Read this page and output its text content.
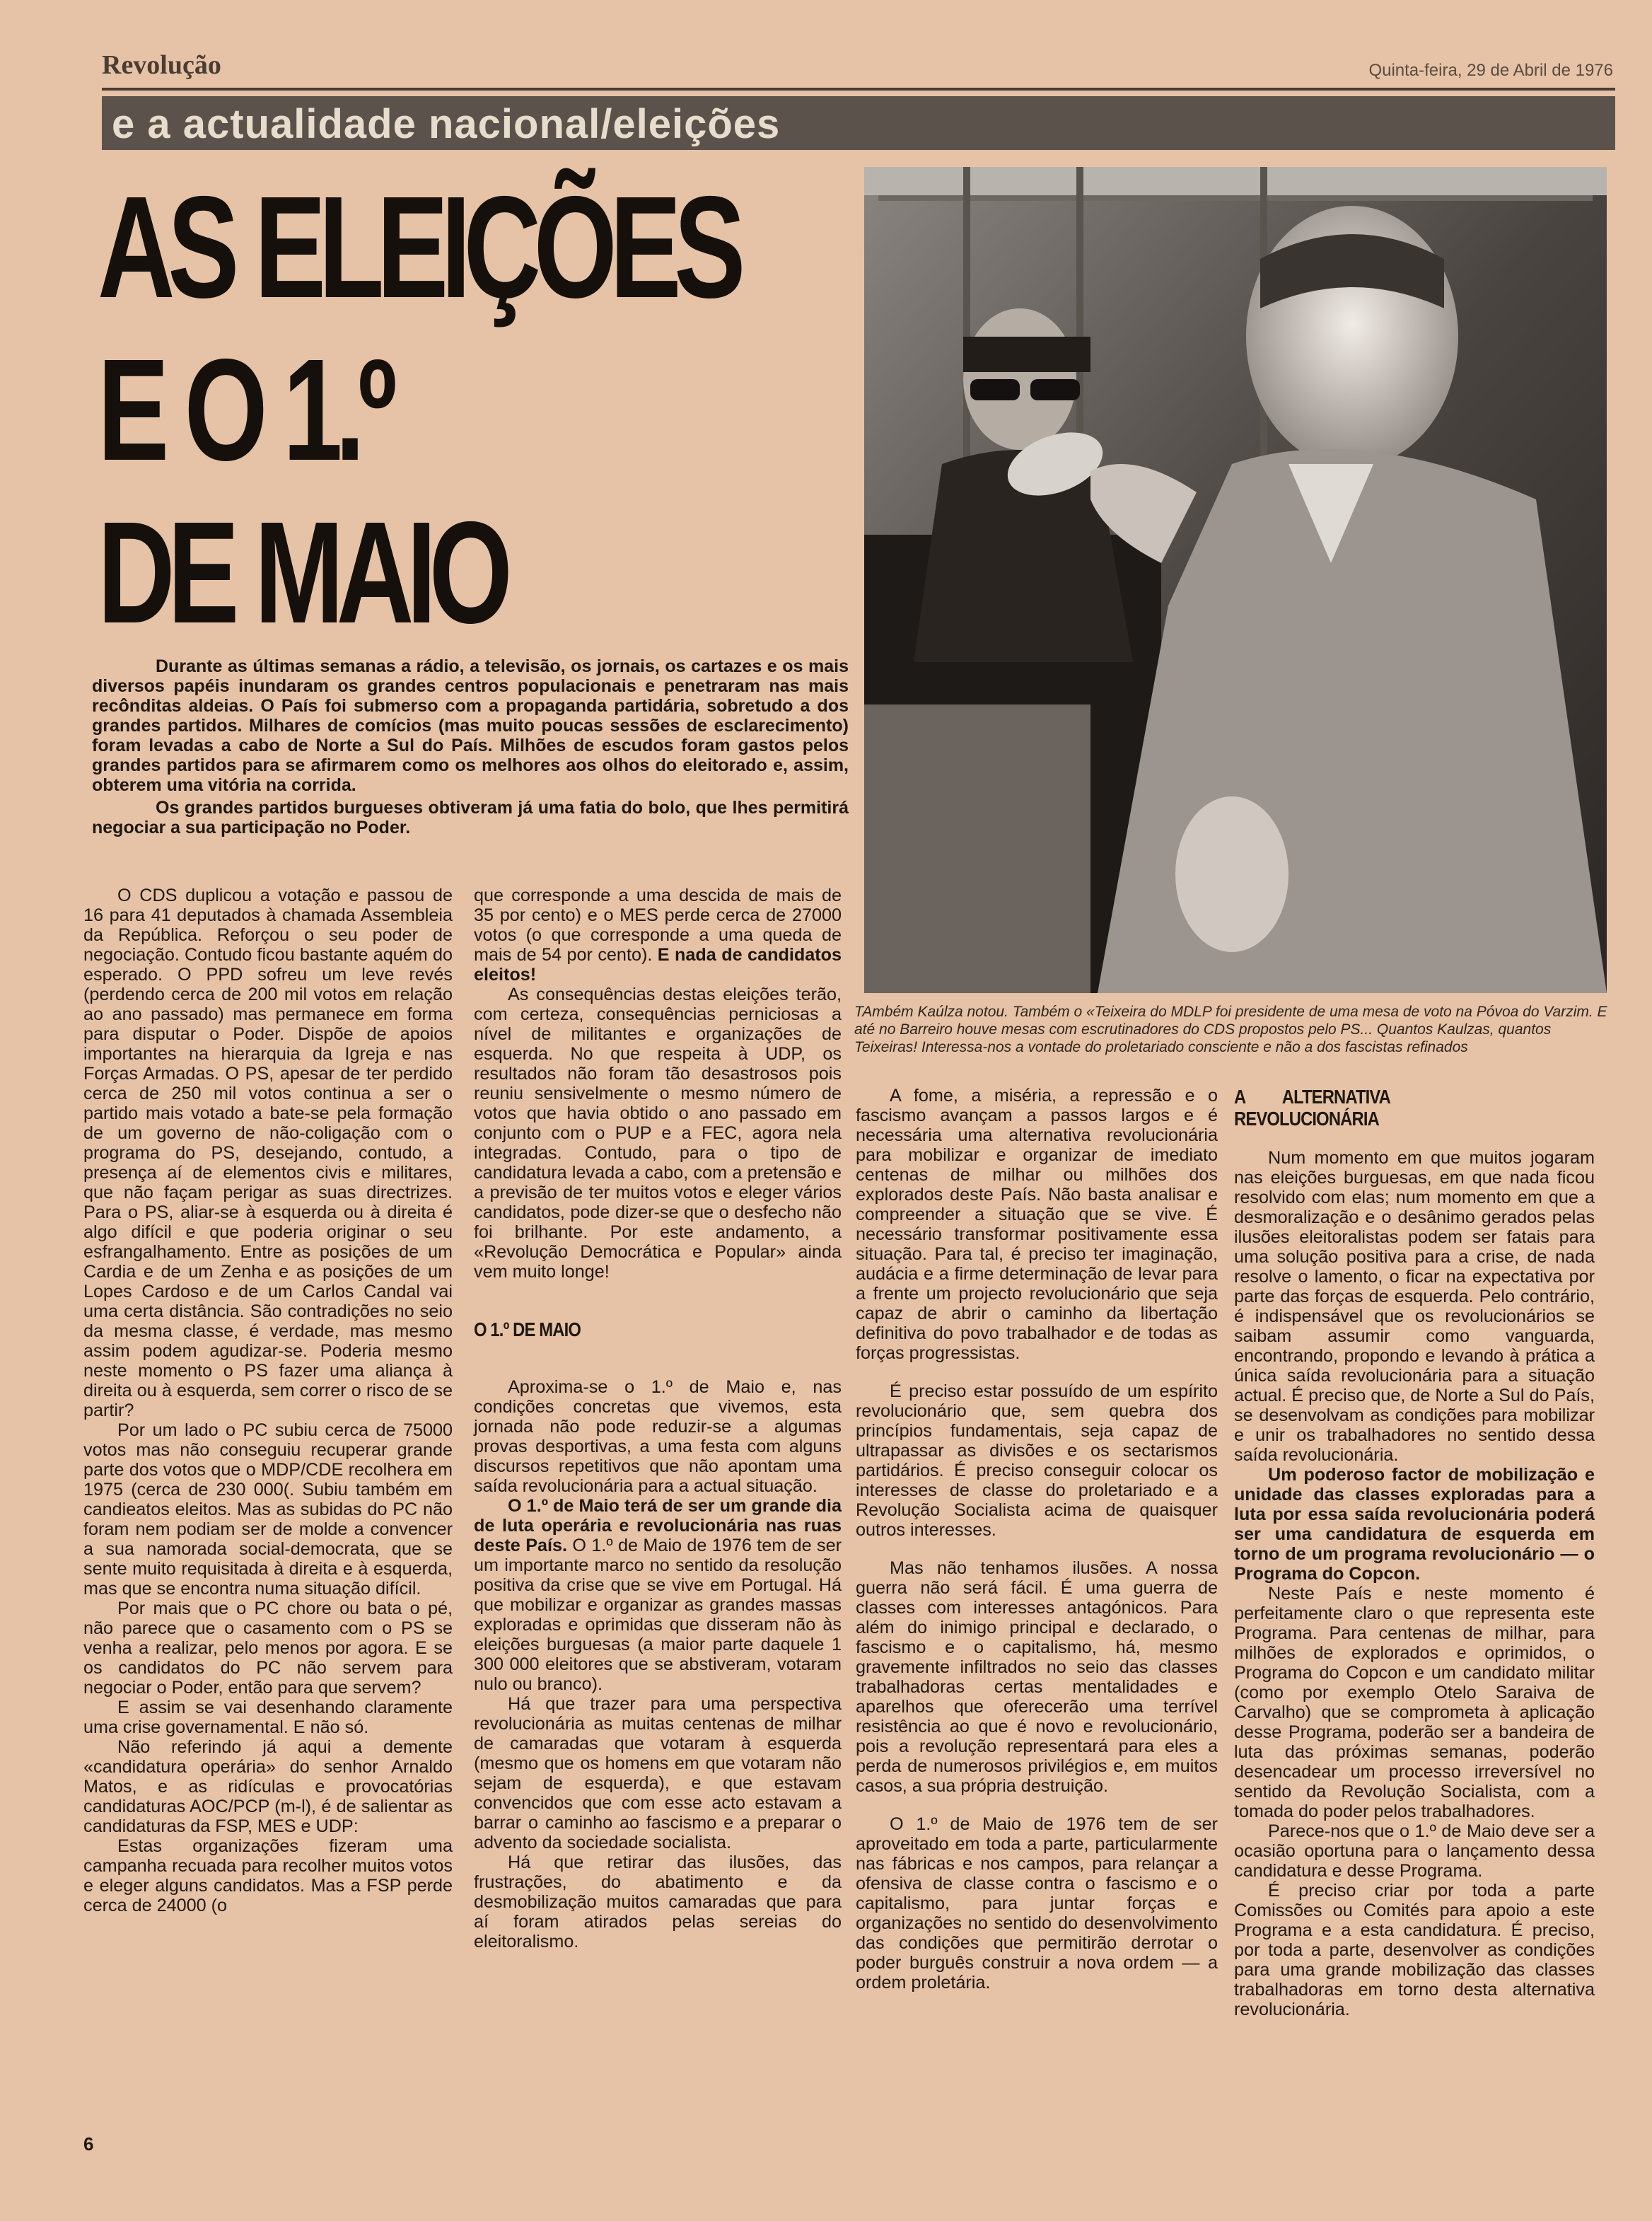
Revolução	Quinta-feira, 29 de Abril de 1976
e a actualidade nacional/eleições
AS ELEIÇÕES
E O 1.º
DE MAIO
TAmbém Kaúlza notou. Também o «Teixeira do MDLP foi presidente de uma mesa de voto na Póvoa do Varzim. E até no Barreiro houve mesas com escrutinadores do CDS propostos pelo PS... Quantos Kaulzas, quantos Teixeiras! Interessa-nos a vontade do proletariado consciente e não a dos fascistas refinados

Durante as últimas semanas a rádio, a televisão, os jornais, os cartazes e os mais diversos papéis inundaram os grandes centros populacionais e penetraram nas mais recônditas aldeias. O País foi submerso com a propaganda partidária, sobretudo a dos grandes partidos. Milhares de comícios (mas muito poucas sessões de esclarecimento) foram levadas a cabo de Norte a Sul do País. Milhões de escudos foram gastos pelos grandes partidos para se afirmarem como os melhores aos olhos do eleitorado e, assim, obterem uma vitória na corrida.

Os grandes partidos burgueses obtiveram já uma fatia do bolo, que lhes permitirá negociar a sua participação no Poder.

O CDS duplicou a votação e passou de 16 para 41 deputados à chamada Assembleia da República. Reforçou o seu poder de negociação. Contudo ficou bastante aquém do esperado. O PPD sofreu um leve revés (perdendo cerca de 200 mil votos em relação ao ano passado) mas permanece em forma para disputar o Poder. Dispõe de apoios importantes na hierarquia da Igreja e nas Forças Armadas. O PS, apesar de ter perdido cerca de 250 mil votos continua a ser o partido mais votado a bate-se pela formação de um governo de não-coligação com o programa do PS, desejando, contudo, a presença aí de elementos civis e militares, que não façam perigar as suas directrizes. Para o PS, aliar-se à esquerda ou à direita é algo difícil e que poderia originar o seu esfrangalhamento. Entre as posições de um Cardia e de um Zenha e as posições de um Lopes Cardoso e de um Carlos Candal vai uma certa distância. São contradições no seio da mesma classe, é verdade, mas mesmo assim podem agudizar-se. Poderia mesmo neste momento o PS fazer uma aliança à direita ou à esquerda, sem correr o risco de se partir?

Por um lado o PC subiu cerca de 75000 votos mas não conseguiu recuperar grande parte dos votos que o MDP/CDE recolhera em 1975 (cerca de 230 000(. Subiu também em candieatos eleitos. Mas as subidas do PC não foram nem podiam ser de molde a convencer a sua namorada social-democrata, que se sente muito requisitada à direita e à esquerda, mas que se encontra numa situação difícil.

Por mais que o PC chore ou bata o pé, não parece que o casamento com o PS se venha a realizar, pelo menos por agora. E se os candidatos do PC não servem para negociar o Poder, então para que servem?

E assim se vai desenhando claramente uma crise governamental. E não só.

Não referindo já aqui a demente «candidatura operária» do senhor Arnaldo Matos, e as ridículas e provocatórias candidaturas AOC/PCP (m-l), é de salientar as candidaturas da FSP, MES e UDP:

Estas organizações fizeram uma campanha recuada para recolher muitos votos e eleger alguns candidatos. Mas a FSP perde cerca de 24000 (o

que corresponde a uma descida de mais de 35 por cento) e o MES perde cerca de 27000 votos (o que corresponde a uma queda de mais de 54 por cento). E nada de candidatos eleitos!

As consequências destas eleições terão, com certeza, consequências perniciosas a nível de militantes e organizações de esquerda. No que respeita à UDP, os resultados não foram tão desastrosos pois reuniu sensivelmente o mesmo número de votos que havia obtido o ano passado em conjunto com o PUP e a FEC, agora nela integradas. Contudo, para o tipo de candidatura levada a cabo, com a pretensão e a previsão de ter muitos votos e eleger vários candidatos, pode dizer-se que o desfecho não foi brilhante. Por este andamento, a «Revolução Democrática e Popular» ainda vem muito longe!

O 1.º DE MAIO

Aproxima-se o 1.º de Maio e, nas condições concretas que vivemos, esta jornada não pode reduzir-se a algumas provas desportivas, a uma festa com alguns discursos repetitivos que não apontam uma saída revolucionária para a actual situação.

O 1.º de Maio terá de ser um grande dia de luta operária e revolucionária nas ruas deste País. O 1.º de Maio de 1976 tem de ser um importante marco no sentido da resolução positiva da crise que se vive em Portugal. Há que mobilizar e organizar as grandes massas exploradas e oprimidas que disseram não às eleições burguesas (a maior parte daquele 1 300 000 eleitores que se abstiveram, votaram nulo ou branco).

Há que trazer para uma perspectiva revolucionária as muitas centenas de milhar de camaradas que votaram à esquerda (mesmo que os homens em que votaram não sejam de esquerda), e que estavam convencidos que com esse acto estavam a barrar o caminho ao fascismo e a preparar o advento da sociedade socialista.

Há que retirar das ilusões, das frustrações, do abatimento e da desmobilização muitos camaradas que para aí foram atirados pelas sereias do eleitoralismo.

A fome, a miséria, a repressão e o fascismo avançam a passos largos e é necessária uma alternativa revolucionária para mobilizar e organizar de imediato centenas de milhar ou milhões dos explorados deste País. Não basta analisar e compreender a situação que se vive. É necessário transformar positivamente essa situação. Para tal, é preciso ter imaginação, audácia e a firme determinação de levar para a frente um projecto revolucionário que seja capaz de abrir o caminho da libertação definitiva do povo trabalhador e de todas as forças progressistas.

É preciso estar possuído de um espírito revolucionário que, sem quebra dos princípios fundamentais, seja capaz de ultrapassar as divisões e os sectarismos partidários. É preciso conseguir colocar os interesses de classe do proletariado e a Revolução Socialista acima de quaisquer outros interesses.

Mas não tenhamos ilusões. A nossa guerra não será fácil. É uma guerra de classes com interesses antagónicos. Para além do inimigo principal e declarado, o fascismo e o capitalismo, há, mesmo gravemente infiltrados no seio das classes trabalhadoras certas mentalidades e aparelhos que oferecerão uma terrível resistência ao que é novo e revolucionário, pois a revolução representará para eles a perda de numerosos privilégios e, em muitos casos, a sua própria destruição.

O 1.º de Maio de 1976 tem de ser aproveitado em toda a parte, particularmente nas fábricas e nos campos, para relançar a ofensiva de classe contra o fascismo e o capitalismo, para juntar forças e organizações no sentido do desenvolvimento das condições que permitirão derrotar o poder burguês construir a nova ordem — a ordem proletária.

A ALTERNATIVA REVOLUCIONÁRIA

Num momento em que muitos jogaram nas eleições burguesas, em que nada ficou resolvido com elas; num momento em que a desmoralização e o desânimo gerados pelas ilusões eleitoralistas podem ser fatais para uma solução positiva para a crise, de nada resolve o lamento, o ficar na expectativa por parte das forças de esquerda. Pelo contrário, é indispensável que os revolucionários se saibam assumir como vanguarda, encontrando, propondo e levando à prática a única saída revolucionária para a situação actual. É preciso que, de Norte a Sul do País, se desenvolvam as condições para mobilizar e unir os trabalhadores no sentido dessa saída revolucionária.

Um poderoso factor de mobilização e unidade das classes exploradas para a luta por essa saída revolucionária poderá ser uma candidatura de esquerda em torno de um programa revolucionário — o Programa do Copcon.

Neste País e neste momento é perfeitamente claro o que representa este Programa. Para centenas de milhar, para milhões de explorados e oprimidos, o Programa do Copcon e um candidato militar (como por exemplo Otelo Saraiva de Carvalho) que se comprometa à aplicação desse Programa, poderão ser a bandeira de luta das próximas semanas, poderão desencadear um processo irreversível no sentido da Revolução Socialista, com a tomada do poder pelos trabalhadores.

Parece-nos que o 1.º de Maio deve ser a ocasião oportuna para o lançamento dessa candidatura e desse Programa.

É preciso criar por toda a parte Comissões ou Comités para apoio a este Programa e a esta candidatura. É preciso, por toda a parte, desenvolver as condições para uma grande mobilização das classes trabalhadoras em torno desta alternativa revolucionária.

6
